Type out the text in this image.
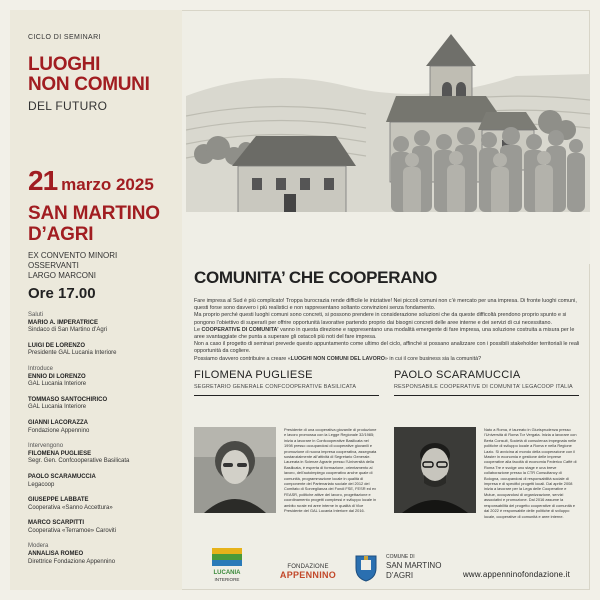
CICLO DI SEMINARI
LUOGHI
NON COMUNI
DEL FUTURO
21 marzo 2025
SAN MARTINO
D’AGRI
EX CONVENTO MINORI OSSERVANTI
LARGO MARCONI
Ore 17.00
Saluti
MARIO A. IMPERATRICE
Sindaco di San Martino d’Agri
LUIGI DE LORENZO
Presidente GAL Lucania Interiore
Introduce
ENNIO DI LORENZO
GAL Lucania Interiore
TOMMASO SANTOCHIRICO
GAL Lucania Interiore
GIANNI LACORAZZA
Fondazione Appennino
Intervengono
FILOMENA PUGLIESE
Segr. Gen. Confcooperative Basilicata
PAOLO SCARAMUCCIA
Legacoop
GIUSEPPE LABBATE
Cooperativa «Sanno Accettura»
MARCO SCARPITTI
Cooperativa «Terramoe» Caroviti
Modera
ANNALISA ROMEO
Direttrice Fondazione Appennino
COMUNITA’ CHE COOPERANO

Fare impresa al Sud è più complicato! Troppa burocrazia rende difficile le iniziative! Nei piccoli comuni non c’è mercato per una impresa. Di fronte luoghi comuni, questi forse sono davvero i più realistici e non rappresentano soltanto convinzioni senza fondamento.

Ma proprio perché questi luoghi comuni sono concreti, si possono prendere in considerazione soluzioni che da queste difficoltà prendono proprio spunto e si pongono l’obiettivo di superarli per offrire opportunità lavorative partendo proprio dai bisogni concreti delle aree interne e dei servizi di cui necessitano.

Le COOPERATIVE DI COMUNITA’ vanno in questa direzione e rappresentano una modalità emergente di fare impresa, una soluzione costruita a misura per le aree svantaggiate che punta a superare gli ostacoli più noti del fare impresa.

Non a caso il progetto di seminari prevede questo appuntamento come ultimo del ciclo, affinché si possano analizzare con i possibili stakeholder territoriali le reali opportunità da cogliere.

Possiamo davvero contribuire a creare «LUOGHI NON COMUNI DEL LAVORO» in cui il core business sia la comunità?

FILOMENA PUGLIESE
SEGRETARIO GENERALE CONFCOOPERATIVE BASILICATA
Presidente di una cooperativa giovanile di produzione e lavoro promossa con la Legge Regionale 32/1985; inizia a lavorare in Confcooperative Basilicata nel 1998 presso occupandosi di cooperative giovanili e promozione di nuova impresa cooperativa, assegnata sostanzialmente all’attività di Segretario Generale. Laureata in Scienze Agrarie presso l’Università della Basilicata, è esperta di formazione, orientamento al lavoro, dell’autoimpiego cooperativo anche quale di comunità, programmazione locale in qualità di componente del Partenariato sociale del 2012 del Comitato di Sorveglianza dei Fondi FSE, FESR ed ex FEASR, politiche attive del lavoro, progettazione e coordinamento progetti complessi e sviluppo locale in ambito rurale ed aree interne in qualità di Vice Presidente del GAL Lucania Interiore dal 2016.
PAOLO SCARAMUCCIA
RESPONSABILE COOPERATIVE DI COMUNITA’ LEGACOOP ITALIA
Nato a Roma, è laureato in Giurisprudenza presso l’Università di Roma Tor Vergata. Inizia a lavorare con Berta Consult, Società di consulenza impegnata nelle politiche di sviluppo locale a Roma e nella Regione Lazio. Si avvicina al mondo della cooperazione con il Master in economia e gestione delle imprese cooperative alla facoltà di economia Federico Caffè di Roma Tre e svolge uno stage e una breve collaborazione presso la CTR Consultancy di Bologna, occupandosi di responsabilità sociale di impresa e di specifici progetti locali. Dal aprile 2008 inizia a lavorare per la Lega delle Cooperative e Mutue, occupandosi di organizzazione, servizi associativi e promozione. Dal 2016 assume la responsabilità del progetto cooperative di comunità e dal 2022 è responsabile delle politiche di sviluppo locale, cooperative di comunità e aree interne.
LUCANIA
INTERIORE
FONDAZIONE
APPENNINO
COMUNE DI
SAN MARTINO
D’AGRI	www.appenninofondazione.it
